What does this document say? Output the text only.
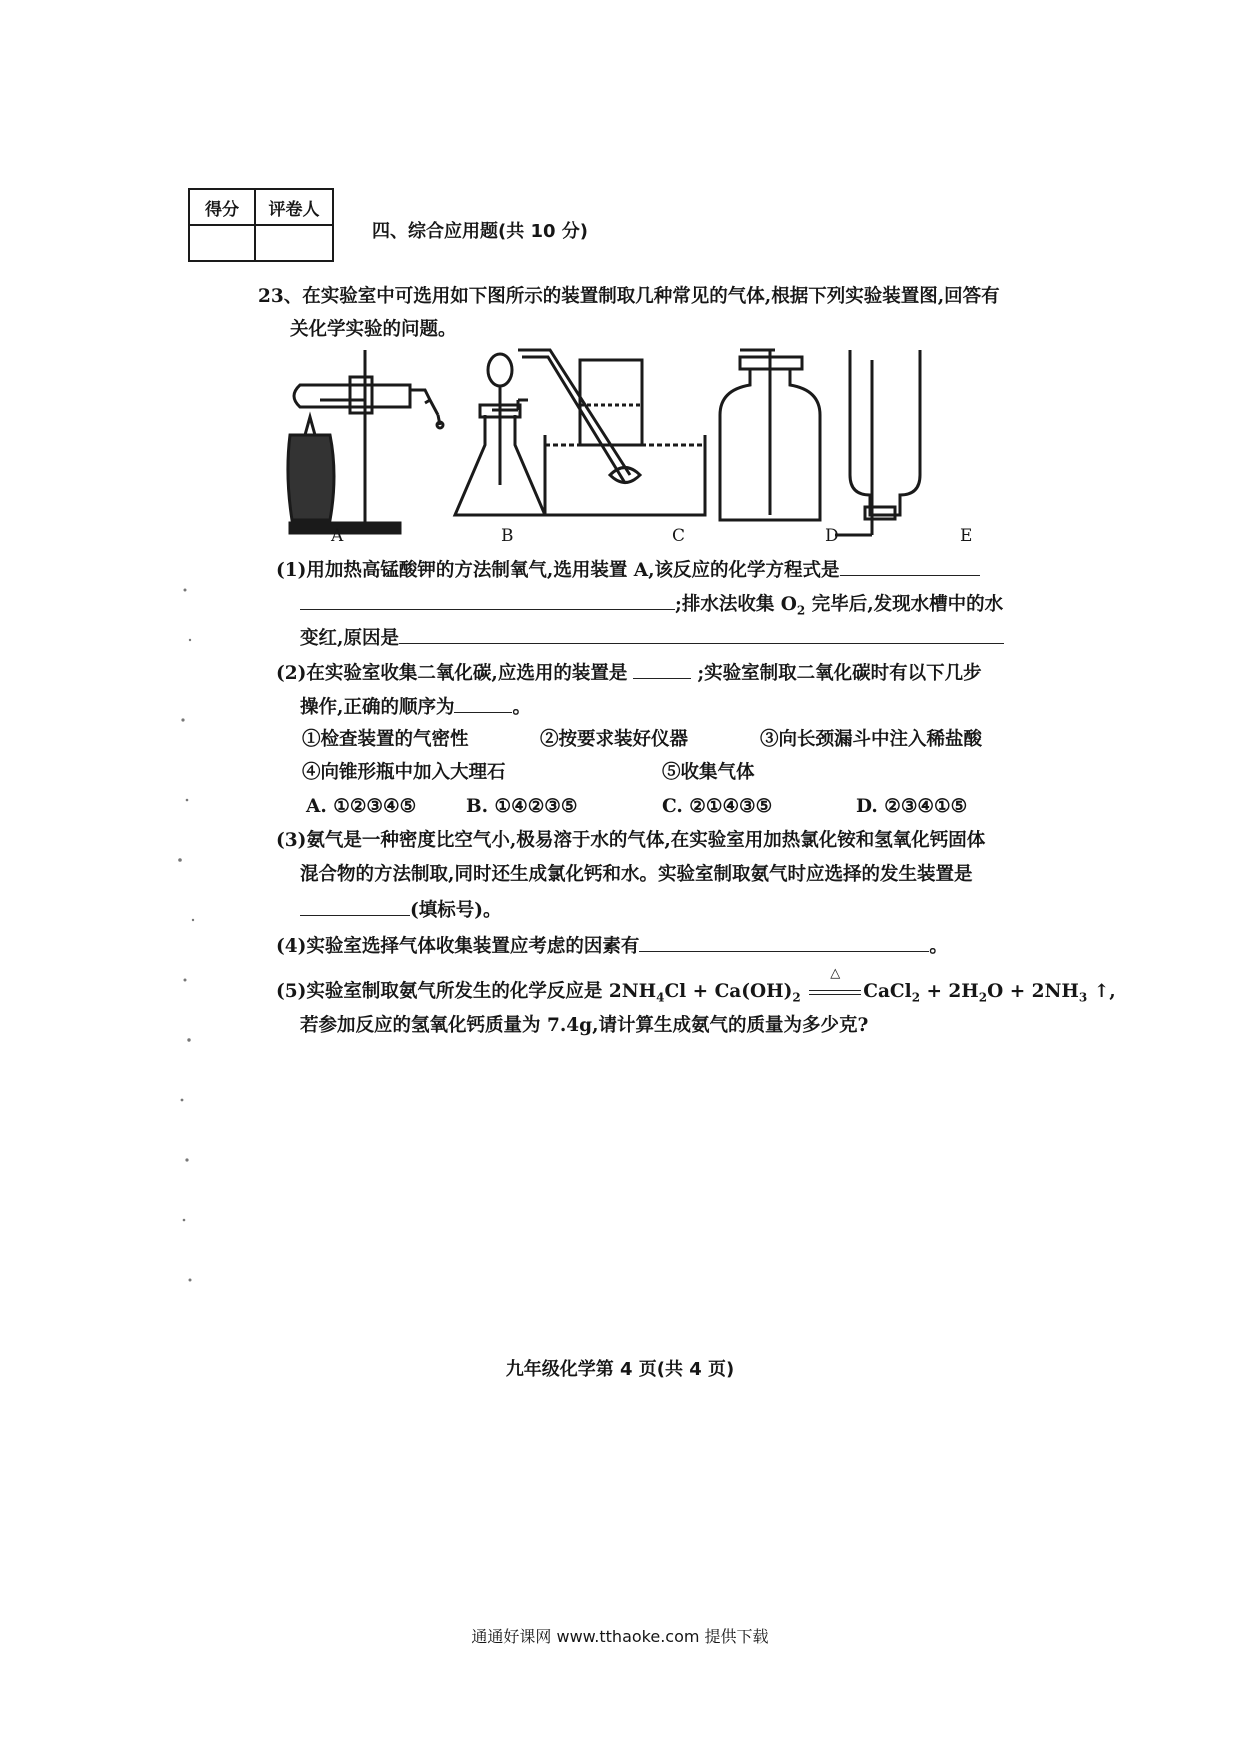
得分	评卷人

四、综合应用题(共 10 分)
23、在实验室中可选用如下图所示的装置制取几种常见的气体,根据下列实验装置图,回答有
关化学实验的问题。
A	B	C	D	E
(1)用加热高锰酸钾的方法制氧气,选用装置 A,该反应的化学方程式是
;排水法收集 $O_2$ 完毕后,发现水槽中的水
变红,原因是
(2)在实验室收集二氧化碳,应选用的装置是	;实验室制取二氧化碳时有以下几步
操作,正确的顺序为	。
①检查装置的气密性	②按要求装好仪器	③向长颈漏斗中注入稀盐酸
④向锥形瓶中加入大理石	⑤收集气体
A. ①②③④⑤	B. ①④②③⑤	C. ②①④③⑤	D. ②③④①⑤
(3)氨气是一种密度比空气小,极易溶于水的气体,在实验室用加热氯化铵和氢氧化钙固体
混合物的方法制取,同时还生成氯化钙和水。实验室制取氨气时应选择的发生装置是
(填标号)。
(4)实验室选择气体收集装置应考虑的因素有	。
(5)实验室制取氨气所发生的化学反应是 $2NH_4Cl + Ca(OH)_2$
△
CaCl$_2$ + $2H_2O + 2NH_3$ ↑,
若参加反应的氢氧化钙质量为 7.4g,请计算生成氨气的质量为多少克?
九年级化学第 4 页(共 4 页)
通通好课网 www.tthaoke.com 提供下载
